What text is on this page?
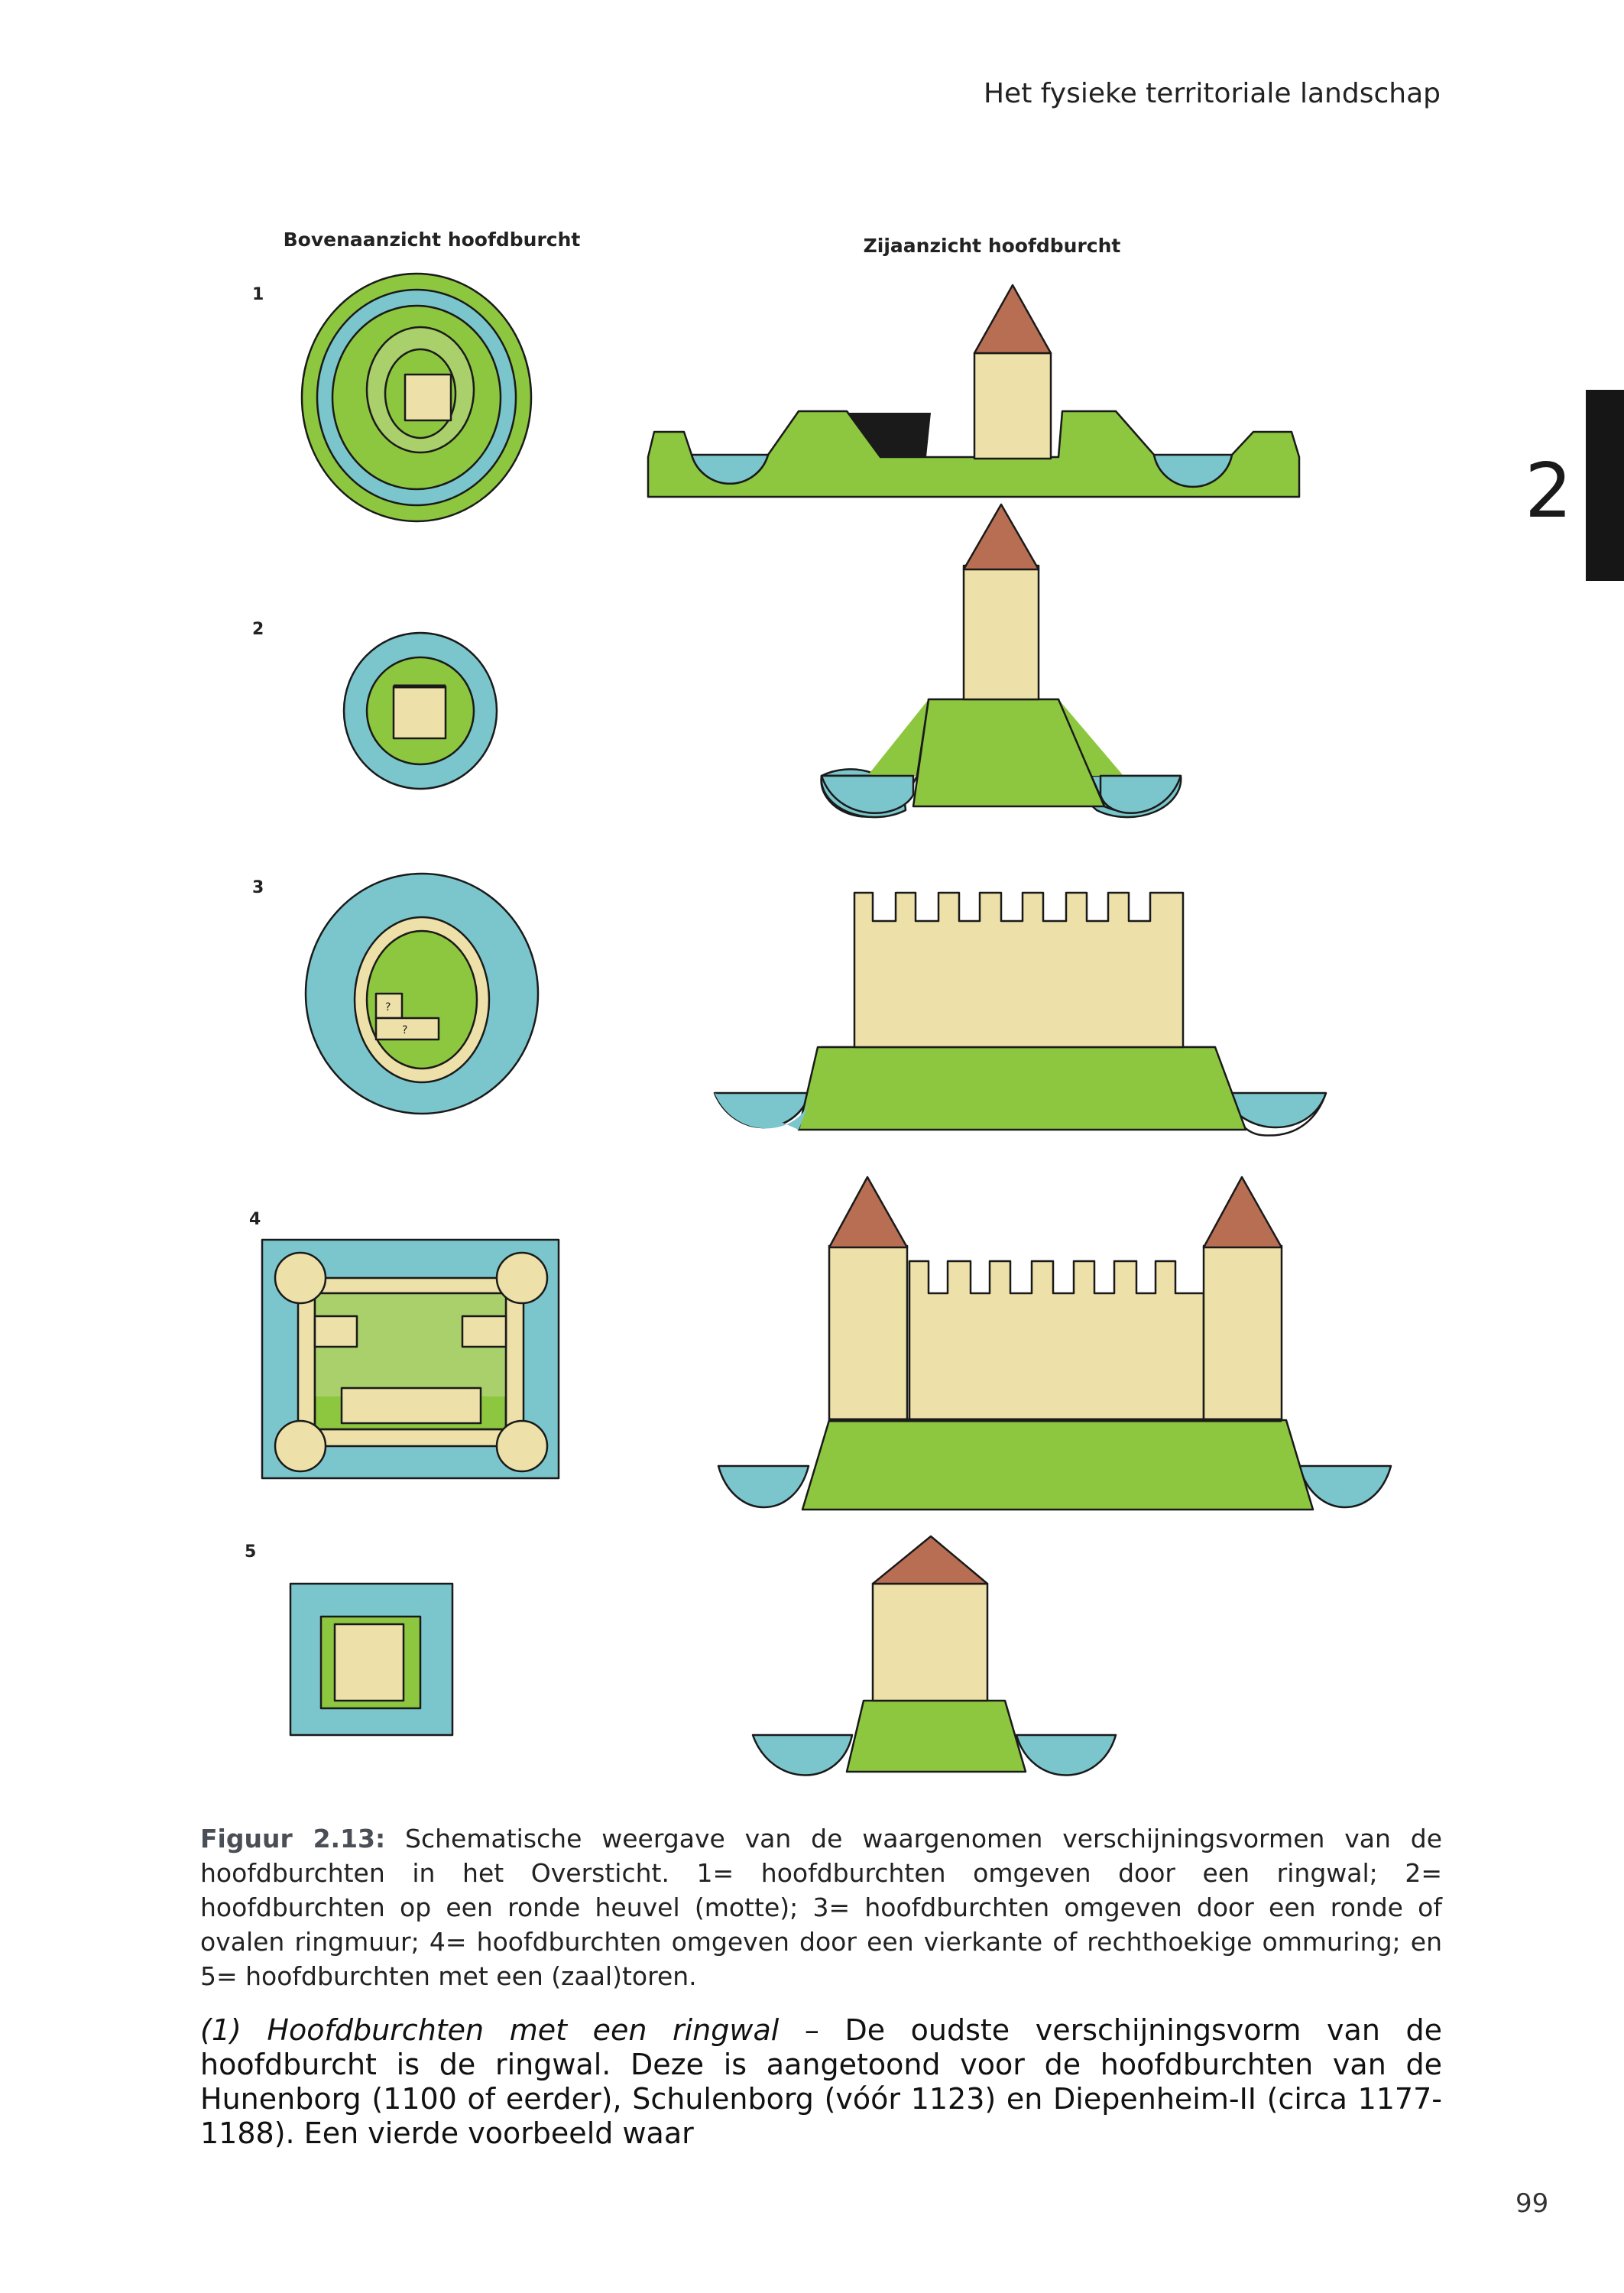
Het fysieke territoriale landschap
2
Bovenaanzicht hoofdburcht	Zijaanzicht hoofdburcht
1
2
3
4
5
?
?
Figuur 2.13: Schematische weergave van de waargenomen verschijningsvormen van de hoofdburchten in het Oversticht. 1= hoofdburchten omgeven door een ringwal; 2= hoofdburchten op een ronde heuvel (motte); 3= hoofdburchten omgeven door een ronde of ovalen ringmuur; 4= hoofdburchten omgeven door een vierkante of rechthoekige ommuring; en 5= hoofdburchten met een (zaal)toren.
(1) Hoofdburchten met een ringwal – De oudste verschijningsvorm van de hoofdburcht is de ringwal. Deze is aangetoond voor de hoofdburchten van de Hunenborg (1100 of eerder), Schulenborg (vóór 1123) en Diepenheim-II (circa 1177-1188). Een vierde voorbeeld waar
99
